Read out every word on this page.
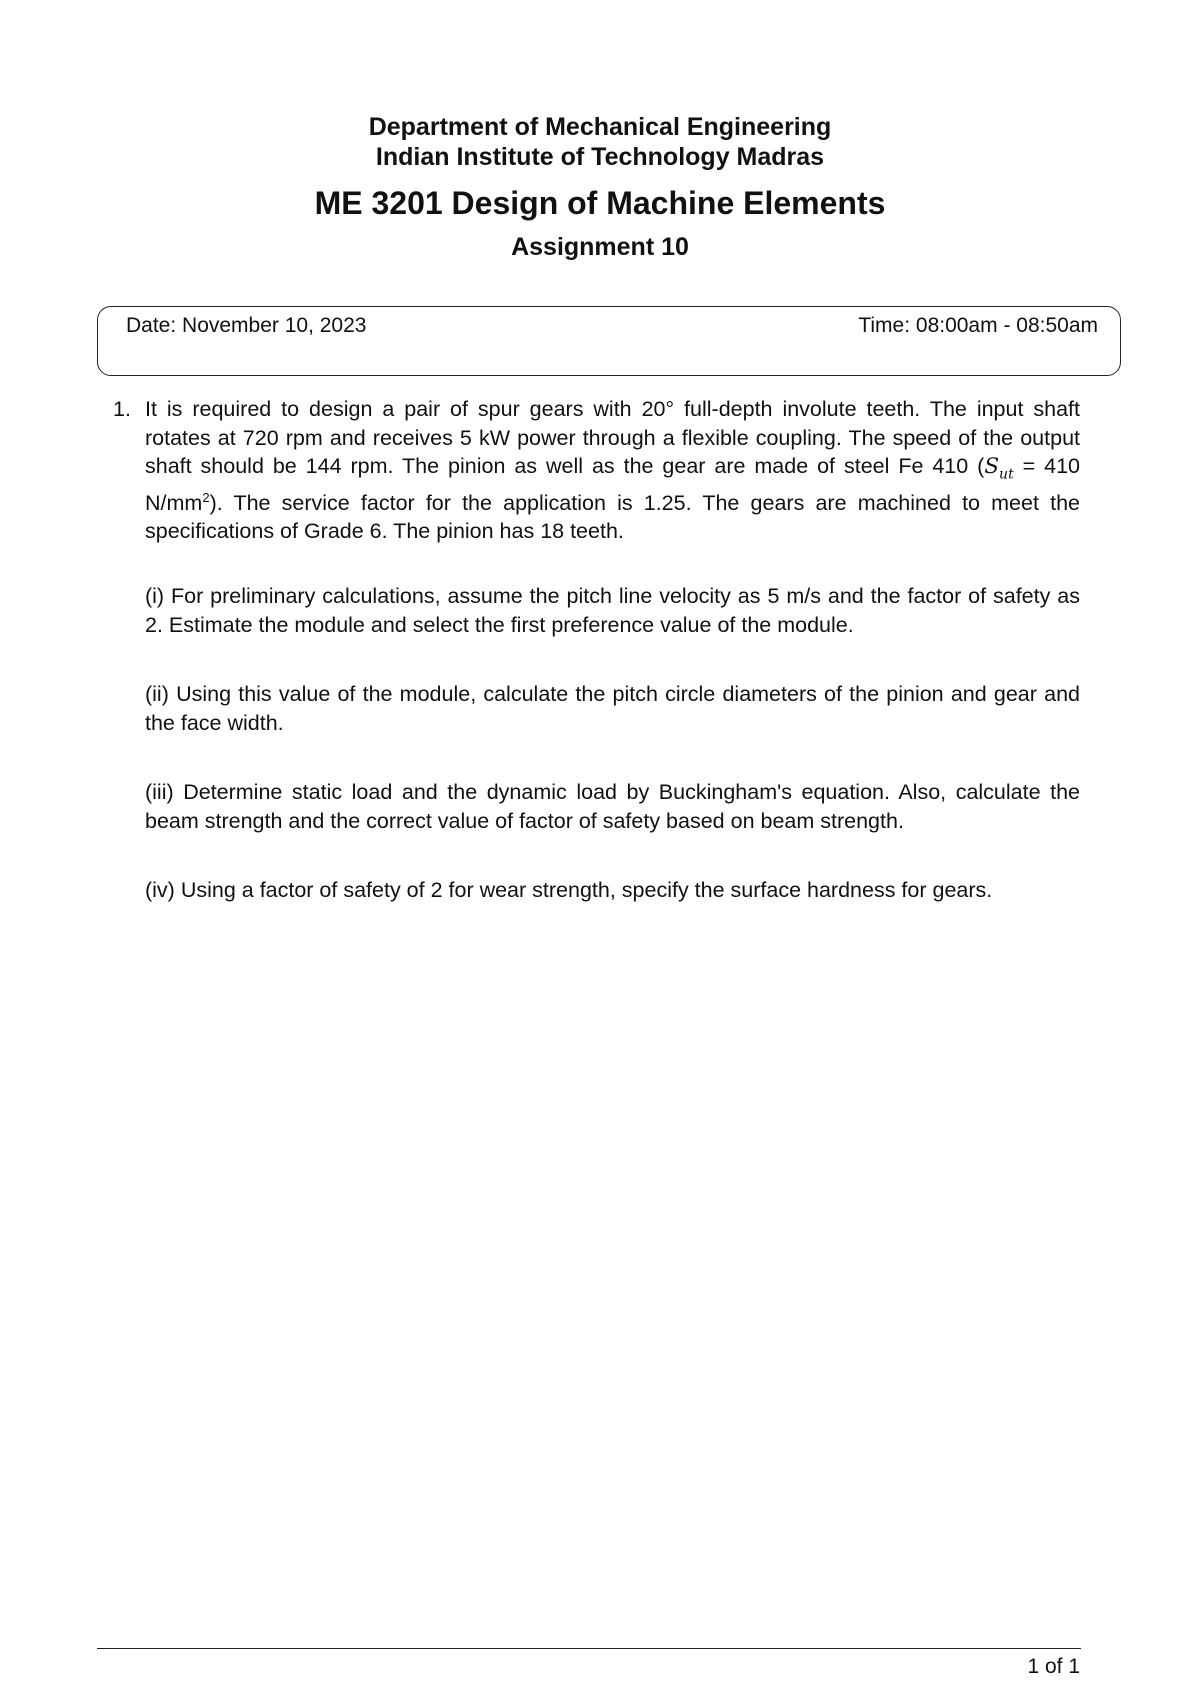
Department of Mechanical Engineering
Indian Institute of Technology Madras
ME 3201 Design of Machine Elements
Assignment 10
Date: November 10, 2023	Time: 08:00am - 08:50am
1. It is required to design a pair of spur gears with 20° full-depth involute teeth. The input shaft rotates at 720 rpm and receives 5 kW power through a flexible coupling. The speed of the output shaft should be 144 rpm. The pinion as well as the gear are made of steel Fe 410 ($S_{ut} = 410$ $N/mm^2$). The service factor for the application is 1.25. The gears are machined to meet the specifications of Grade 6. The pinion has 18 teeth.
(i) For preliminary calculations, assume the pitch line velocity as 5 m/s and the factor of safety as 2. Estimate the module and select the first preference value of the module.
(ii) Using this value of the module, calculate the pitch circle diameters of the pinion and gear and the face width.
(iii) Determine static load and the dynamic load by Buckingham's equation. Also, calculate the beam strength and the correct value of factor of safety based on beam strength.
(iv) Using a factor of safety of 2 for wear strength, specify the surface hardness for gears.
1 of 1
